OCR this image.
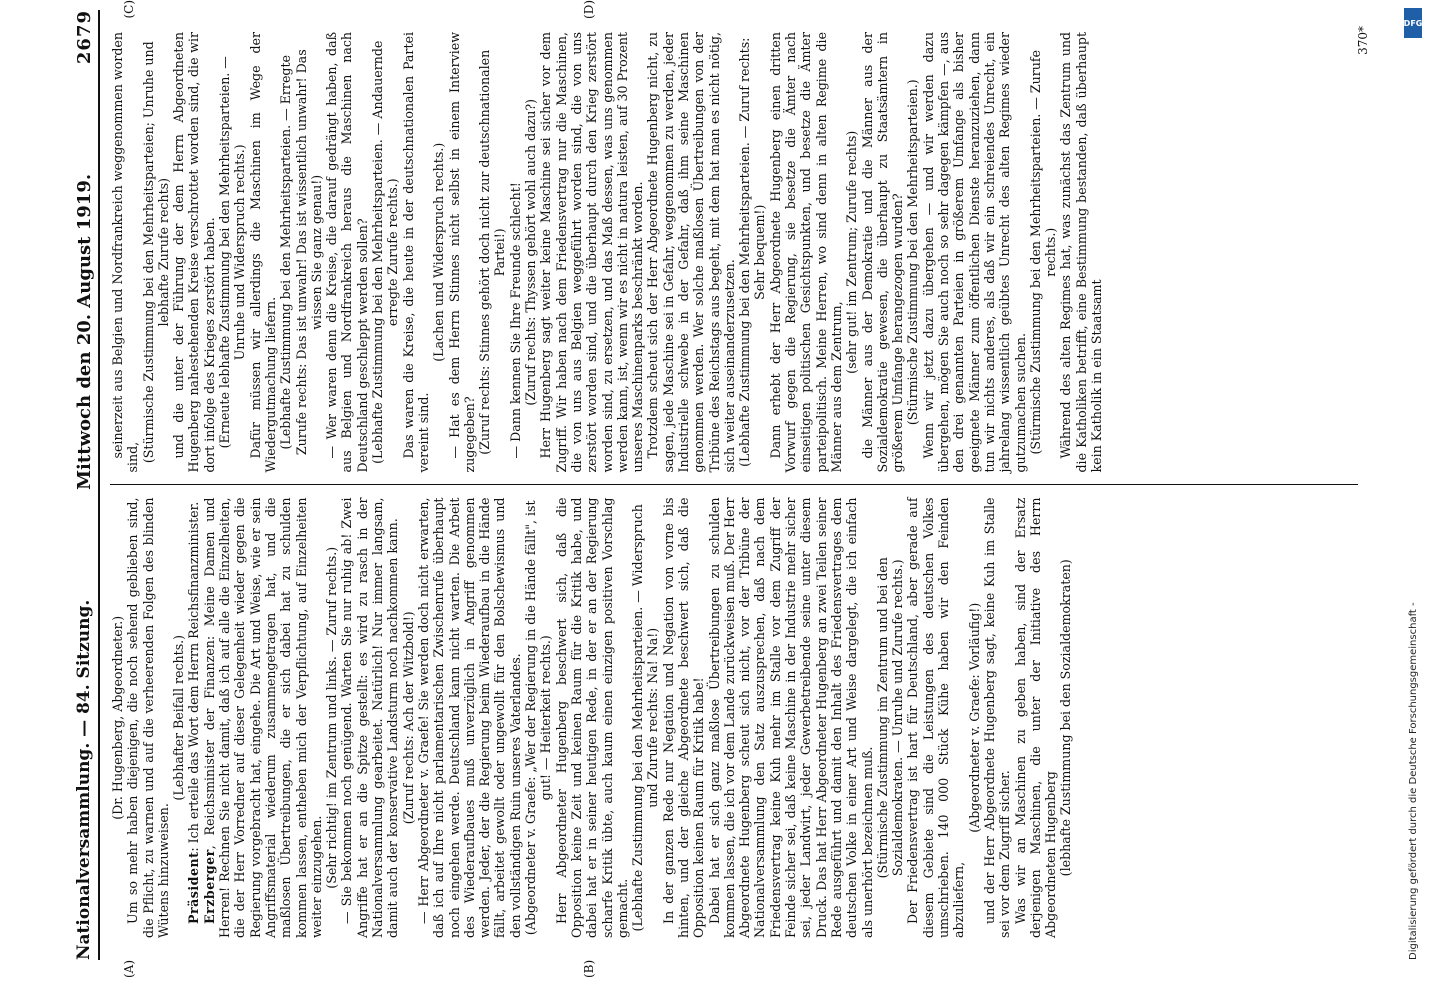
Nationalversammlung. — 84. Sitzung.
Mittwoch den 20. August 1919.
2679
(A)	(B)
(C)	(D)

(Dr. Hugenberg, Abgeordneter.) Um so mehr haben diejenigen, die noch sehend geblieben sind, die Pflicht, zu warnen und auf die verheerenden Folgen des blinden Wütens hinzuweisen.

(Lebhafter Beifall rechts.)

Präsident: Ich erteile das Wort dem Herrn Reichsfinanzminister.

Erzberger, Reichsminister der Finanzen: Meine Damen und Herren! Rechnen Sie nicht damit, daß ich auf alle die Einzelheiten, die der Herr Vorredner auf dieser Gelegenheit wieder gegen die Regierung vorgebracht hat, eingehe. Die Art und Weise, wie er sein Angriffsmaterial wiederum zusammengetragen hat, und die maßlosen Übertreibungen, die er sich dabei hat zu schulden kommen lassen, entheben mich der Verpflichtung, auf Einzelheiten weiter einzugehen. (Sehr richtig! im Zentrum und links. — Zuruf rechts.) — Sie bekommen noch genügend. Warten Sie nur ruhig ab! Zwei Angriffe hat er an die Spitze gestellt: es wird zu rasch in der Nationalversammlung gearbeitet. Natürlich! Nur immer langsam, damit auch der konservative Landsturm noch nachkommen kann. (Zuruf rechts: Ach der Witzbold!) — Herr Abgeordneter v. Graefe! Sie werden doch nicht erwarten, daß ich auf Ihre nicht parlamentarischen Zwischenrufe überhaupt noch eingehen werde. Deutschland kann nicht warten. Die Arbeit des Wiederaufbaues muß unverzüglich in Angriff genommen werden. Jeder, der die Regierung beim Wiederaufbau in die Hände fällt, arbeitet gewollt oder ungewollt für den Bolschewismus und den vollständigen Ruin unseres Vaterlandes. (Abgeordneter v. Graefe: „Wer der Regierung in die Hände fällt", ist gut! — Heiterkeit rechts.) Herr Abgeordneter Hugenberg beschwert sich, daß die Opposition keine Zeit und keinen Raum für die Kritik habe, und dabei hat er in seiner heutigen Rede, in der er an der Regierung scharfe Kritik übte, auch kaum einen einzigen positiven Vorschlag gemacht. (Lebhafte Zustimmung bei den Mehrheitsparteien. — Widerspruch und Zurufe rechts: Na! Na!) In der ganzen Rede nur Negation und Negation von vorne bis hinten, und der gleiche Abgeordnete beschwert sich, daß die Opposition keinen Raum für Kritik habe! Dabei hat er sich ganz maßlose Übertreibungen zu schulden kommen lassen, die ich vor dem Lande zurückweisen muß. Der Herr Abgeordnete Hugenberg scheut sich nicht, vor der Tribüne der Nationalversammlung den Satz auszusprechen, daß nach dem Friedensvertrag keine Kuh mehr im Stalle vor dem Zugriff der Feinde sicher sei, daß keine Maschine in der Industrie mehr sicher sei, jeder Landwirt, jeder Gewerbetreibende seine unter diesem Druck. Das hat Herr Abgeordneter Hugenberg an zwei Teilen seiner Rede ausgeführt und damit den Inhalt des Friedensvertrages dem deutschen Volke in einer Art und Weise dargelegt, die ich einfach als unerhört bezeichnen muß. (Stürmische Zustimmung im Zentrum und bei den Sozialdemokraten. — Unruhe und Zurufe rechts.) Der Friedensvertrag ist hart für Deutschland, aber gerade auf diesem Gebiete sind die Leistungen des deutschen Volkes umschrieben. 140 000 Stück Kühe haben wir den Feinden abzuliefern,

(Abgeordneter v. Graefe: Vorläufig!) und der Herr Abgeordnete Hugenberg sagt, keine Kuh im Stalle sei vor dem Zugriff sicher. Was wir an Maschinen zu geben haben, sind der Ersatz derjenigen Maschinen, die unter der Initiative des Herrn Abgeordneten Hugenberg (lebhafte Zustimmung bei den Sozialdemokraten)

seinerzeit aus Belgien und Nordfrankreich weggenommen worden sind, (Stürmische Zustimmung bei den Mehrheitsparteien; Unruhe und lebhafte Zurufe rechts) und die unter der Führung der dem Herrn Abgeordneten Hugenberg nahestehenden Kreise verschrottet worden sind, die wir dort infolge des Krieges zerstört haben. (Erneute lebhafte Zustimmung bei den Mehrheitsparteien. — Unruhe und Widerspruch rechts.) Dafür müssen wir allerdings die Maschinen im Wege der Wiedergutmachung liefern. (Lebhafte Zustimmung bei den Mehrheitsparteien. — Erregte Zurufe rechts: Das ist unwahr! Das ist wissentlich unwahr! Das wissen Sie ganz genau!) — Wer waren denn die Kreise, die darauf gedrängt haben, daß aus Belgien und Nordfrankreich heraus die Maschinen nach Deutschland geschleppt werden sollen? (Lebhafte Zustimmung bei den Mehrheitsparteien. — Andauernde erregte Zurufe rechts.) Das waren die Kreise, die heute in der deutschnationalen Partei vereint sind.

(Lachen und Widerspruch rechts.) — Hat es dem Herrn Stinnes nicht selbst in einem Interview zugegeben? (Zuruf rechts: Stinnes gehört doch nicht zur deutschnationalen Partei!) — Dann kennen Sie Ihre Freunde schlecht! (Zuruf rechts: Thyssen gehört wohl auch dazu?) Herr Hugenberg sagt weiter keine Maschine sei sicher vor dem Zugriff. Wir haben nach dem Friedensvertrag nur die Maschinen, die von uns aus Belgien weggeführt worden sind, die von uns zerstört worden sind, und die überhaupt durch den Krieg zerstört worden sind, zu ersetzen, und das Maß dessen, was uns genommen werden kann, ist, wenn wir es nicht in natura leisten, auf 30 Prozent unseres Maschinenparks beschränkt worden. Trotzdem scheut sich der Herr Abgeordnete Hugenberg nicht, zu sagen, jede Maschine sei in Gefahr, weggenommen zu werden, jeder Industrielle schwebe in der Gefahr, daß ihm seine Maschinen genommen werden. Wer solche maßlosen Übertreibungen von der Tribüne des Reichstags aus begeht, mit dem hat man es nicht nötig, sich weiter auseinanderzusetzen. (Lebhafte Zustimmung bei den Mehrheitsparteien. — Zuruf rechts: Sehr bequem!) Dann erhebt der Herr Abgeordnete Hugenberg einen dritten Vorwurf gegen die Regierung, sie besetze die Ämter nach einseitigen politischen Gesichtspunkten, und besetze die Ämter parteipolitisch. Meine Herren, wo sind denn in alten Regime die Männer aus dem Zentrum,

(sehr gut! im Zentrum; Zurufe rechts) die Männer aus der Demokratie und die Männer aus der Sozialdemokratie gewesen, die überhaupt zu Staatsämtern in größerem Umfange herangezogen wurden? (Stürmische Zustimmung bei den Mehrheitsparteien.) Wenn wir jetzt dazu übergehen — und wir werden dazu übergehen, mögen Sie auch noch so sehr dagegen kämpfen —, aus den drei genannten Parteien in größerem Umfange als bisher geeignete Männer zum öffentlichen Dienste heranzuziehen, dann tun wir nichts anderes, als daß wir ein schreiendes Unrecht, ein jahrelang wissentlich geübtes Unrecht des alten Regimes wieder gutzumachen suchen. (Stürmische Zustimmung bei den Mehrheitsparteien. — Zurufe rechts.) Während des alten Regimes hat, was zunächst das Zentrum und die Katholiken betrifft, eine Bestimmung bestanden, daß überhaupt kein Katholik in ein Staatsamt

370*
DFG
Digitalisierung gefördert durch die Deutsche Forschungsgemeinschaft -
